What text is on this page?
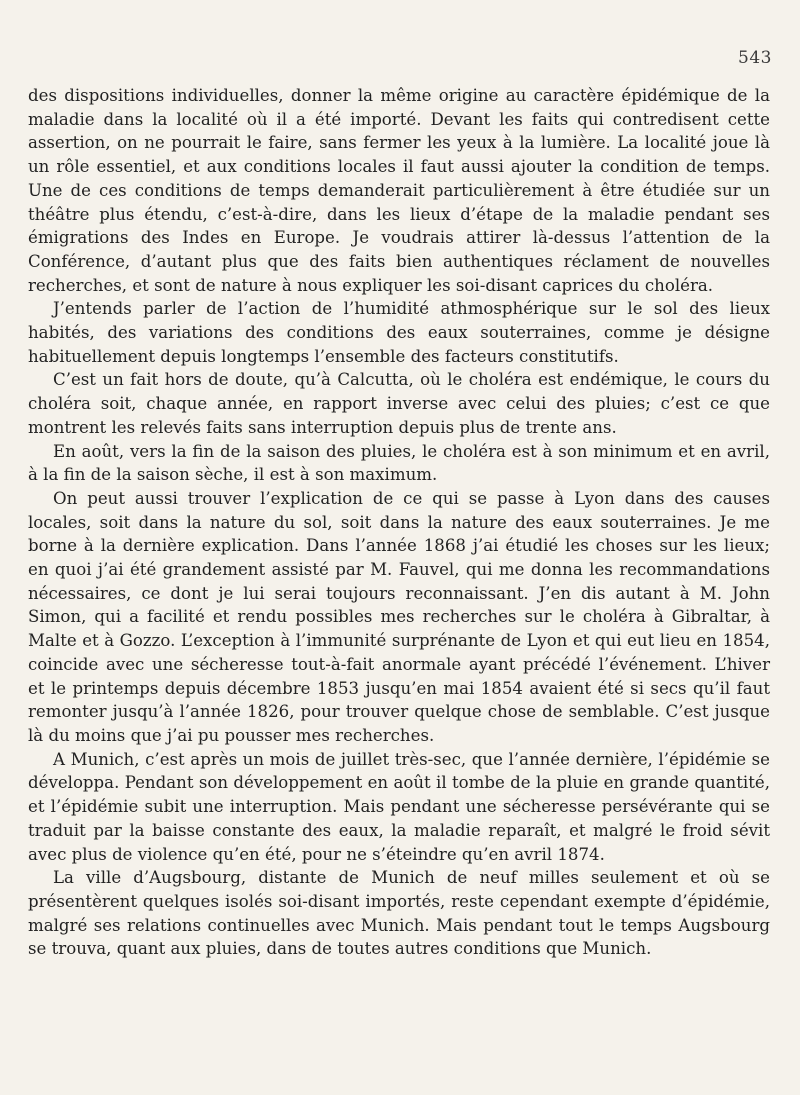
543

des dispositions individuelles, donner la même origine au caractère épidémique de la maladie dans la localité où il a été importé. Devant les faits qui contredisent cette assertion, on ne pourrait le faire, sans fermer les yeux à la lumière. La localité joue là un rôle essentiel, et aux conditions locales il faut aussi ajouter la condition de temps. Une de ces conditions de temps demanderait particulièrement à être étudiée sur un théâtre plus étendu, c’est-à-dire, dans les lieux d’étape de la maladie pendant ses émigrations des Indes en Europe. Je voudrais attirer là-dessus l’attention de la Conférence, d’autant plus que des faits bien authentiques réclament de nouvelles recherches, et sont de nature à nous expliquer les soi-disant caprices du choléra.

J’entends parler de l’action de l’humidité athmosphérique sur le sol des lieux habités, des variations des conditions des eaux souterraines, comme je désigne habituellement depuis longtemps l’ensemble des facteurs constitutifs.

C’est un fait hors de doute, qu’à Calcutta, où le choléra est endémique, le cours du choléra soit, chaque année, en rapport inverse avec celui des pluies; c’est ce que montrent les relevés faits sans interruption depuis plus de trente ans.

En août, vers la fin de la saison des pluies, le choléra est à son minimum et en avril, à la fin de la saison sèche, il est à son maximum.

On peut aussi trouver l’explication de ce qui se passe à Lyon dans des causes locales, soit dans la nature du sol, soit dans la nature des eaux souterraines. Je me borne à la dernière explication. Dans l’année 1868 j’ai étudié les choses sur les lieux; en quoi j’ai été grandement assisté par M. Fauvel, qui me donna les recommandations nécessaires, ce dont je lui serai toujours reconnaissant. J’en dis autant à M. John Simon, qui a facilité et rendu possibles mes recherches sur le choléra à Gibraltar, à Malte et à Gozzo. L’exception à l’immunité surprénante de Lyon et qui eut lieu en 1854, coincide avec une sécheresse tout-à-fait anormale ayant précédé l’événement. L’hiver et le printemps depuis décembre 1853 jusqu’en mai 1854 avaient été si secs qu’il faut remonter jusqu’à l’année 1826, pour trouver quelque chose de semblable. C’est jusque là du moins que j’ai pu pousser mes recherches.

A Munich, c’est après un mois de juillet très-sec, que l’année dernière, l’épidémie se développa. Pendant son développement en août il tombe de la pluie en grande quantité, et l’épidémie subit une interruption. Mais pendant une sécheresse persévérante qui se traduit par la baisse constante des eaux, la maladie reparaît, et malgré le froid sévit avec plus de violence qu’en été, pour ne s’éteindre qu’en avril 1874.

La ville d’Augsbourg, distante de Munich de neuf milles seulement et où se présentèrent quelques isolés soi-disant importés, reste cependant exempte d’épidémie, malgré ses relations continuelles avec Munich. Mais pendant tout le temps Augsbourg se trouva, quant aux pluies, dans de toutes autres conditions que Munich.
